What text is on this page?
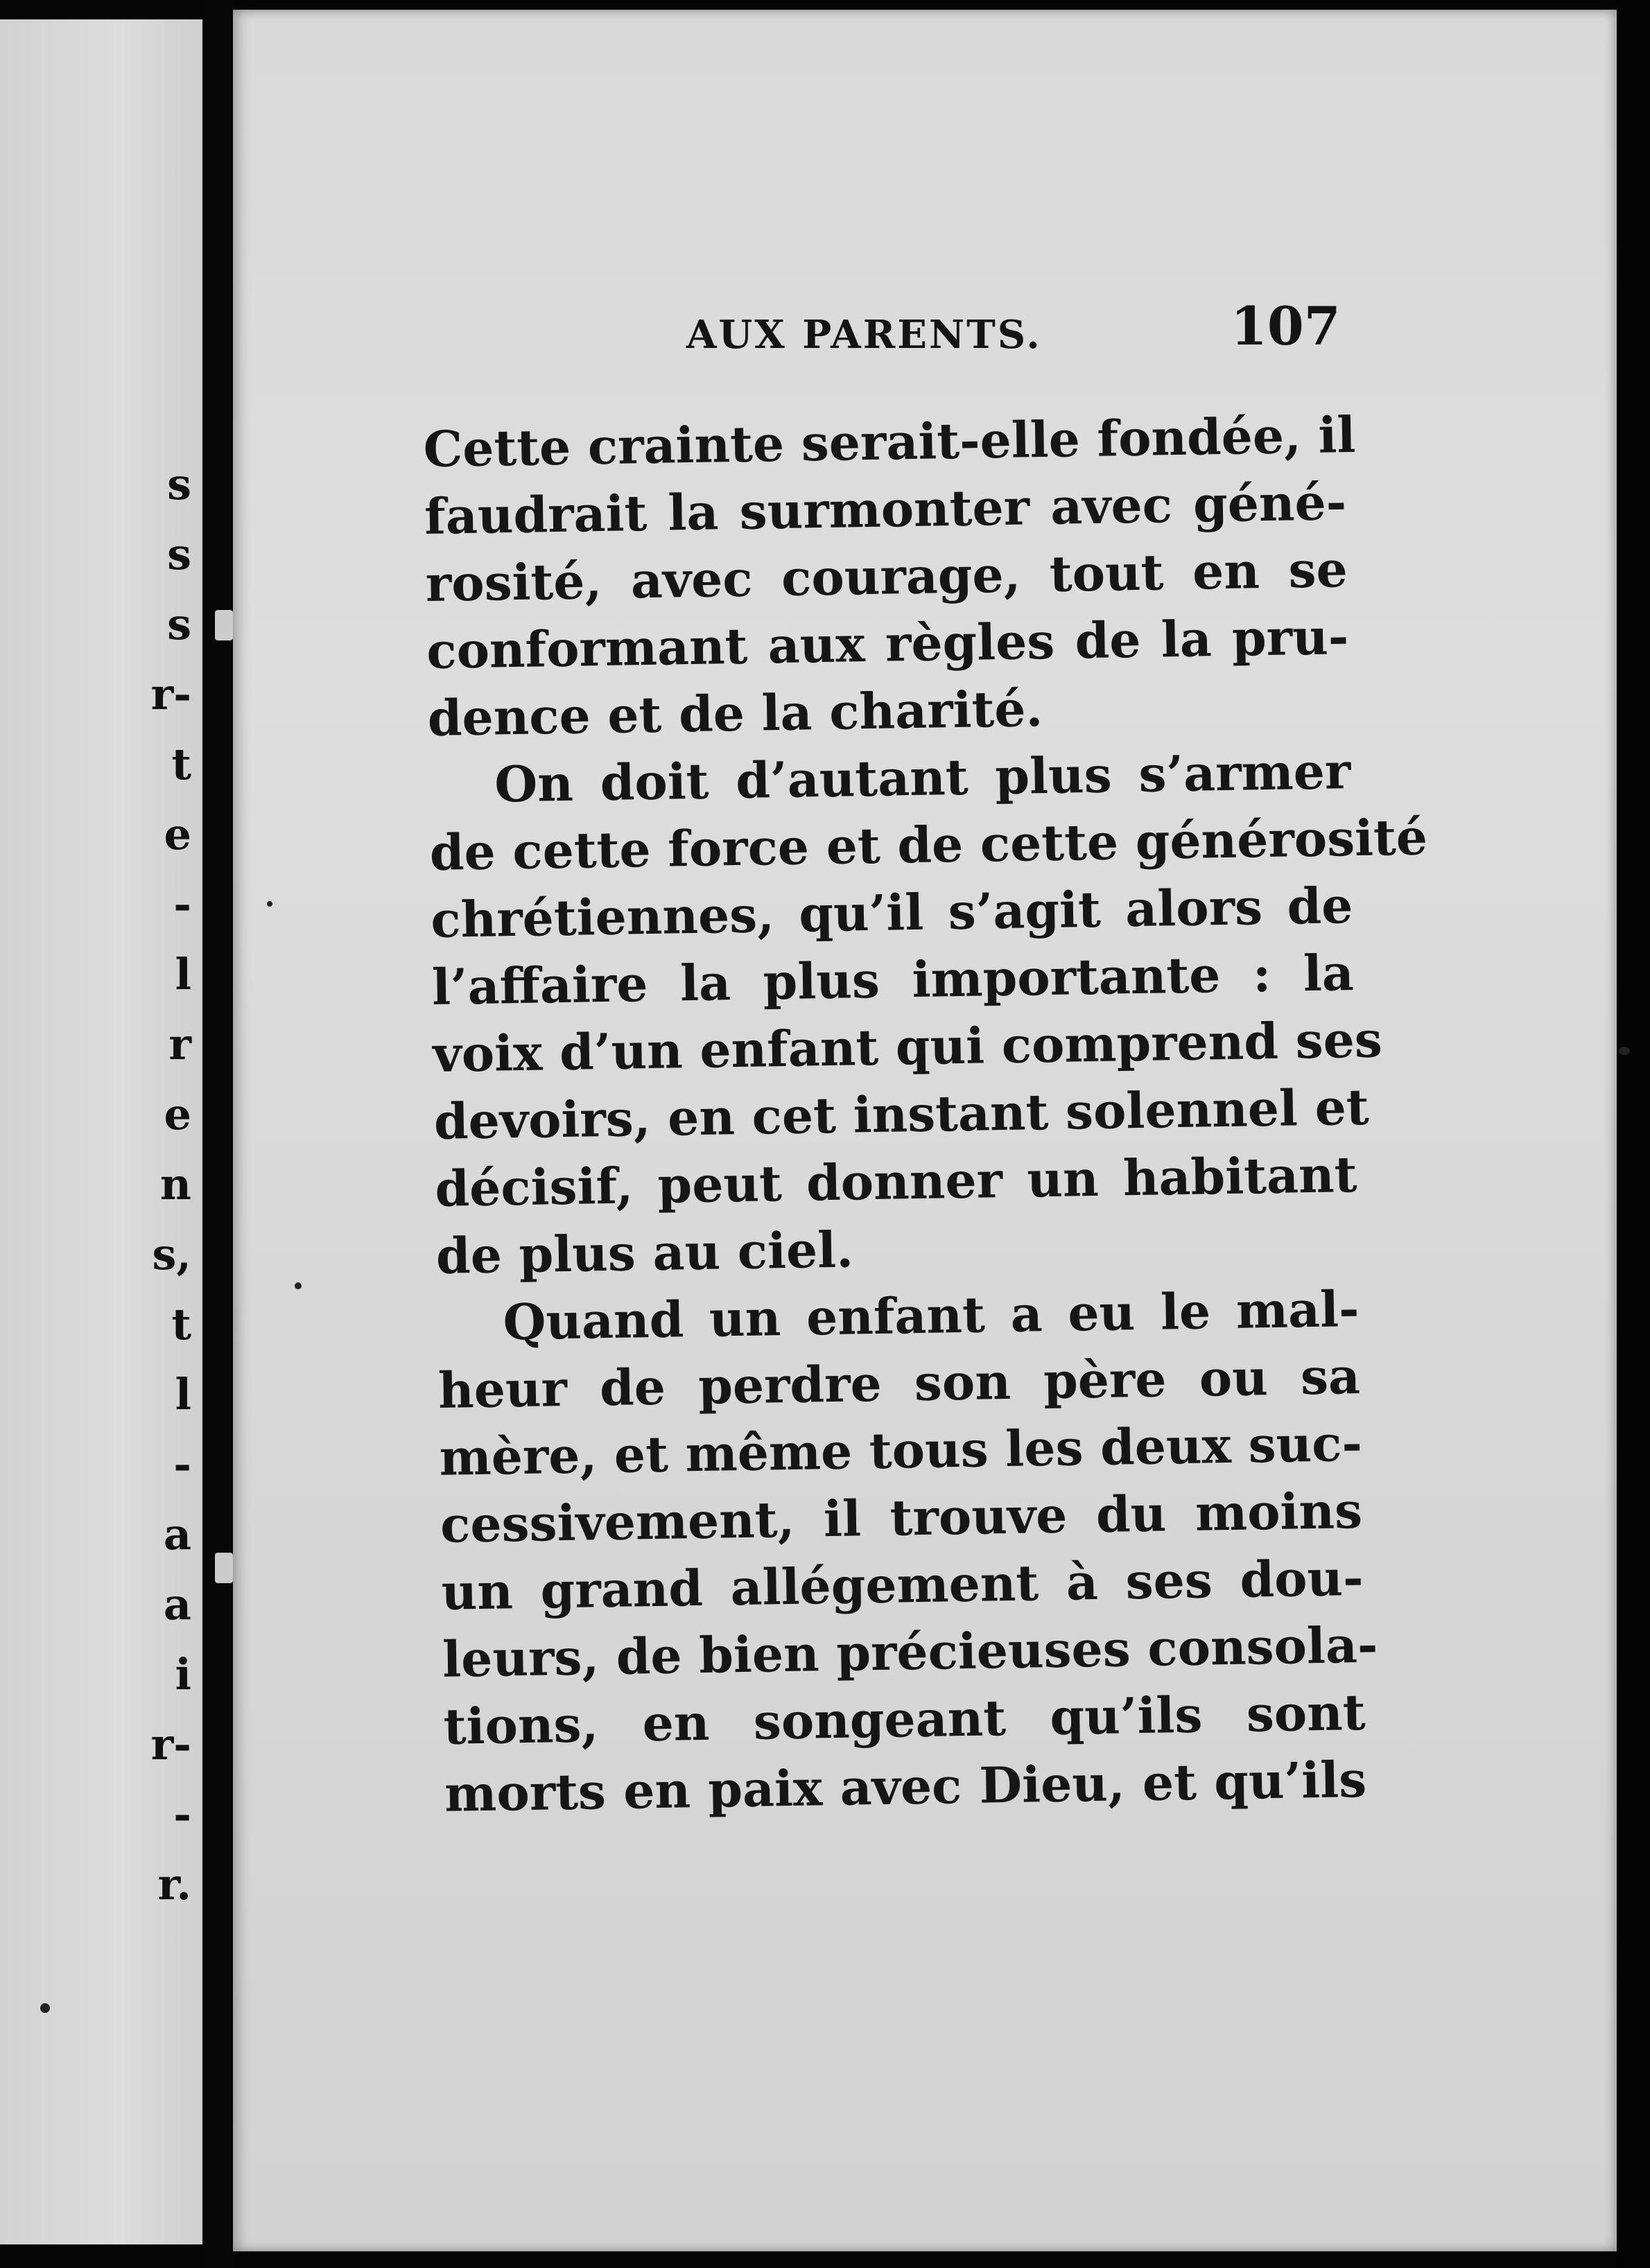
s
s
s
r-
t
e
-
l
r
e
n
s,
t
l
-
a
a
i
r-
-
r.
AUX PARENTS.	107
Cette crainte serait-elle fondée, il
faudrait la surmonter avec géné-
rosité, avec courage, tout en se
conformant aux règles de la pru-
dence et de la charité.
On doit d’autant plus s’armer
de cette force et de cette générosité
chrétiennes, qu’il s’agit alors de
l’affaire la plus importante : la
voix d’un enfant qui comprend ses
devoirs, en cet instant solennel et
décisif, peut donner un habitant
de plus au ciel.
Quand un enfant a eu le mal-
heur de perdre son père ou sa
mère, et même tous les deux suc-
cessivement, il trouve du moins
un grand allégement à ses dou-
leurs, de bien précieuses consola-
tions, en songeant qu’ils sont
morts en paix avec Dieu, et qu’ils
